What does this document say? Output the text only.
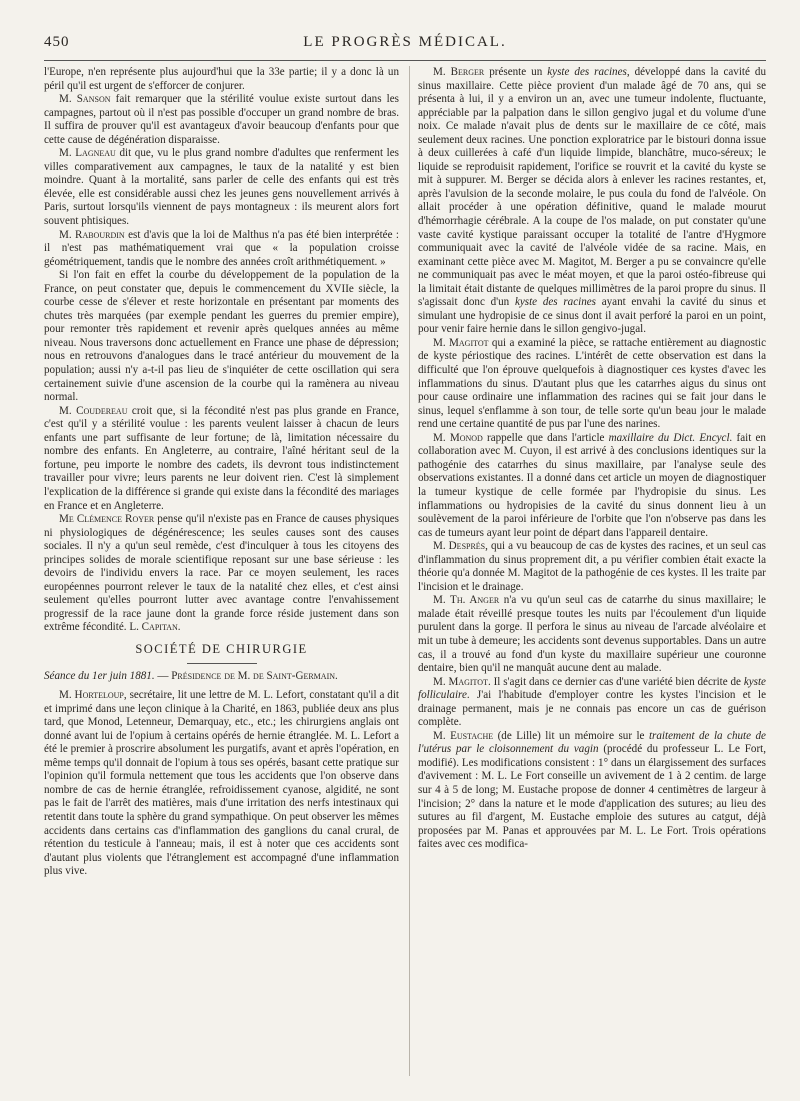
450	LE PROGRÈS MÉDICAL.

l'Europe, n'en représente plus aujourd'hui que la 33e partie; il y a donc là un péril qu'il est urgent de s'efforcer de conjurer.

M. Sanson fait remarquer que la stérilité voulue existe surtout dans les campagnes, partout où il n'est pas possible d'occuper un grand nombre de bras. Il suffira de prouver qu'il est avantageux d'avoir beaucoup d'enfants pour que cette cause de dégénération disparaisse.

M. Lagneau dit que, vu le plus grand nombre d'adultes que renferment les villes comparativement aux campagnes, le taux de la natalité y est bien moindre. Quant à la mortalité, sans parler de celle des enfants qui est très élevée, elle est considérable aussi chez les jeunes gens nouvellement arrivés à Paris, surtout lorsqu'ils viennent de pays montagneux : ils meurent alors fort souvent phtisiques.

M. Rabourdin est d'avis que la loi de Malthus n'a pas été bien interprétée : il n'est pas mathématiquement vrai que « la population croisse géométriquement, tandis que le nombre des années croît arithmétiquement. »

Si l'on fait en effet la courbe du développement de la population de la France, on peut constater que, depuis le commencement du XVIIe siècle, la courbe cesse de s'élever et reste horizontale en présentant par moments des chutes très marquées (par exemple pendant les guerres du premier empire), pour remonter très rapidement et revenir après quelques années au même niveau. Nous traversons donc actuellement en France une phase de dépression; nous en retrouvons d'analogues dans le tracé antérieur du mouvement de la population; aussi n'y a-t-il pas lieu de s'inquiéter de cette oscillation qui sera certainement suivie d'une ascension de la courbe qui la ramènera au niveau normal.

M. Coudereau croit que, si la fécondité n'est pas plus grande en France, c'est qu'il y a stérilité voulue : les parents veulent laisser à chacun de leurs enfants une part suffisante de leur fortune; de là, limitation nécessaire du nombre des enfants. En Angleterre, au contraire, l'aîné héritant seul de la fortune, peu importe le nombre des cadets, ils devront tous indistinctement travailler pour vivre; leurs parents ne leur doivent rien. C'est là simplement l'explication de la différence si grande qui existe dans la fécondité des mariages en France et en Angleterre.

Me Clémence Royer pense qu'il n'existe pas en France de causes physiques ni physiologiques de dégénérescence; les seules causes sont des causes sociales. Il n'y a qu'un seul remède, c'est d'inculquer à tous les citoyens des principes solides de morale scientifique reposant sur une base sérieuse : les devoirs de l'individu envers la race. Par ce moyen seulement, les races européennes pourront relever le taux de la natalité chez elles, et c'est ainsi seulement qu'elles pourront lutter avec avantage contre l'envahissement progressif de la race jaune dont la grande force réside justement dans son extrême fécondité. L. Capitan.

SOCIÉTÉ DE CHIRURGIE

Séance du 1er juin 1881. — Présidence de M. de Saint-Germain.

M. Horteloup, secrétaire, lit une lettre de M. L. Lefort, constatant qu'il a dit et imprimé dans une leçon clinique à la Charité, en 1863, publiée deux ans plus tard, que Monod, Letenneur, Demarquay, etc., etc.; les chirurgiens anglais ont donné avant lui de l'opium à certains opérés de hernie étranglée. M. L. Lefort a été le premier à proscrire absolument les purgatifs, avant et après l'opération, en même temps qu'il donnait de l'opium à tous ses opérés, basant cette pratique sur l'opinion qu'il formula nettement que tous les accidents que l'on observe dans nombre de cas de hernie étranglée, refroidissement cyanose, algidité, ne sont pas le fait de l'arrêt des matières, mais d'une irritation des nerfs intestinaux qui retentit dans toute la sphère du grand sympathique. On peut observer les mêmes accidents dans certains cas d'inflammation des ganglions du canal crural, de rétention du testicule à l'anneau; mais, il est à noter que ces accidents sont d'autant plus violents que l'étranglement est accompagné d'une inflammation plus vive.

M. Berger présente un kyste des racines, développé dans la cavité du sinus maxillaire. Cette pièce provient d'un malade âgé de 70 ans, qui se présenta à lui, il y a environ un an, avec une tumeur indolente, fluctuante, appréciable par la palpation dans le sillon gengivo jugal et du volume d'une noix. Ce malade n'avait plus de dents sur le maxillaire de ce côté, mais seulement deux racines. Une ponction exploratrice par le bistouri donna issue à deux cuillerées à café d'un liquide limpide, blanchâtre, muco-séreux; le liquide se reproduisit rapidement, l'orifice se rouvrit et la cavité du kyste se mit à suppurer. M. Berger se décida alors à enlever les racines restantes, et, après l'avulsion de la seconde molaire, le pus coula du fond de l'alvéole. On allait procéder à une opération définitive, quand le malade mourut d'hémorrhagie cérébrale. A la coupe de l'os malade, on put constater qu'une vaste cavité kystique paraissant occuper la totalité de l'antre d'Hygmore communiquait avec la cavité de l'alvéole vidée de sa racine. Mais, en examinant cette pièce avec M. Magitot, M. Berger a pu se convaincre qu'elle ne communiquait pas avec le méat moyen, et que la paroi ostéo-fibreuse qui la limitait était distante de quelques millimètres de la paroi propre du sinus. Il s'agissait donc d'un kyste des racines ayant envahi la cavité du sinus et simulant une hydropisie de ce sinus dont il avait perforé la paroi en un point, pour venir faire hernie dans le sillon gengivo-jugal.

M. Magitot qui a examiné la pièce, se rattache entièrement au diagnostic de kyste périostique des racines. L'intérêt de cette observation est dans la difficulté que l'on éprouve quelquefois à diagnostiquer ces kystes d'avec les inflammations du sinus. D'autant plus que les catarrhes aigus du sinus ont pour cause ordinaire une inflammation des racines qui se fait jour dans le sinus, lequel s'enflamme à son tour, de telle sorte qu'un beau jour le malade rend une certaine quantité de pus par l'une des narines.

M. Monod rappelle que dans l'article maxillaire du Dict. Encycl. fait en collaboration avec M. Cuyon, il est arrivé à des conclusions identiques sur la pathogénie des catarrhes du sinus maxillaire, par l'analyse seule des observations existantes. Il a donné dans cet article un moyen de diagnostiquer la tumeur kystique de celle formée par l'hydropisie du sinus. Les inflammations ou hydropisies de la cavité du sinus donnent lieu à un soulèvement de la paroi inférieure de l'orbite que l'on n'observe pas dans les cas de tumeurs ayant leur point de départ dans l'appareil dentaire.

M. Després, qui a vu beaucoup de cas de kystes des racines, et un seul cas d'inflammation du sinus proprement dit, a pu vérifier combien était exacte la théorie qu'a donnée M. Magitot de la pathogénie de ces kystes. Il les traite par l'incision et le drainage.

M. Th. Anger n'a vu qu'un seul cas de catarrhe du sinus maxillaire; le malade était réveillé presque toutes les nuits par l'écoulement d'un liquide purulent dans la gorge. Il perfora le sinus au niveau de l'arcade alvéolaire et mit un tube à demeure; les accidents sont devenus supportables. Dans un autre cas, il a trouvé au fond d'un kyste du maxillaire supérieur une couronne dentaire, bien qu'il ne manquât aucune dent au malade.

M. Magitot. Il s'agit dans ce dernier cas d'une variété bien décrite de kyste folliculaire. J'ai l'habitude d'employer contre les kystes l'incision et le drainage permanent, mais je ne connais pas encore un cas de guérison complète.

M. Eustache (de Lille) lit un mémoire sur le traitement de la chute de l'utérus par le cloisonnement du vagin (procédé du professeur L. Le Fort, modifié). Les modifications consistent : 1° dans un élargissement des surfaces d'avivement : M. L. Le Fort conseille un avivement de 1 à 2 centim. de large sur 4 à 5 de long; M. Eustache propose de donner 4 centimètres de largeur à l'incision; 2° dans la nature et le mode d'application des sutures; au lieu des sutures au fil d'argent, M. Eustache emploie des sutures au catgut, déjà proposées par M. Panas et approuvées par M. L. Le Fort. Trois opérations faites avec ces modifica-
